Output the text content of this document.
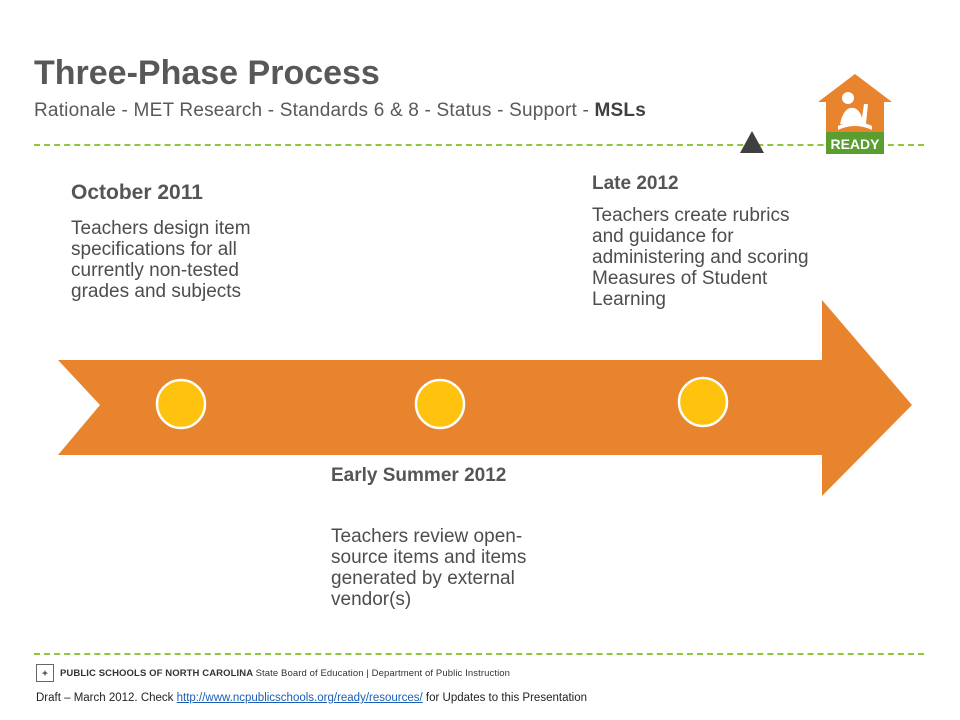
Three-Phase Process
Rationale - MET Research - Standards 6 & 8 - Status - Support - MSLs
READY
October 2011
Teachers design item specifications for all currently non-tested grades and subjects
Early Summer 2012
Teachers review open-source items and items generated by external vendor(s)
Late 2012
Teachers create rubrics and guidance for administering and scoring Measures of Student Learning
✦	PUBLIC SCHOOLS OF NORTH CAROLINA State Board of Education | Department of Public Instruction
Draft – March 2012. Check http://www.ncpublicschools.org/ready/resources/ for Updates to this Presentation
